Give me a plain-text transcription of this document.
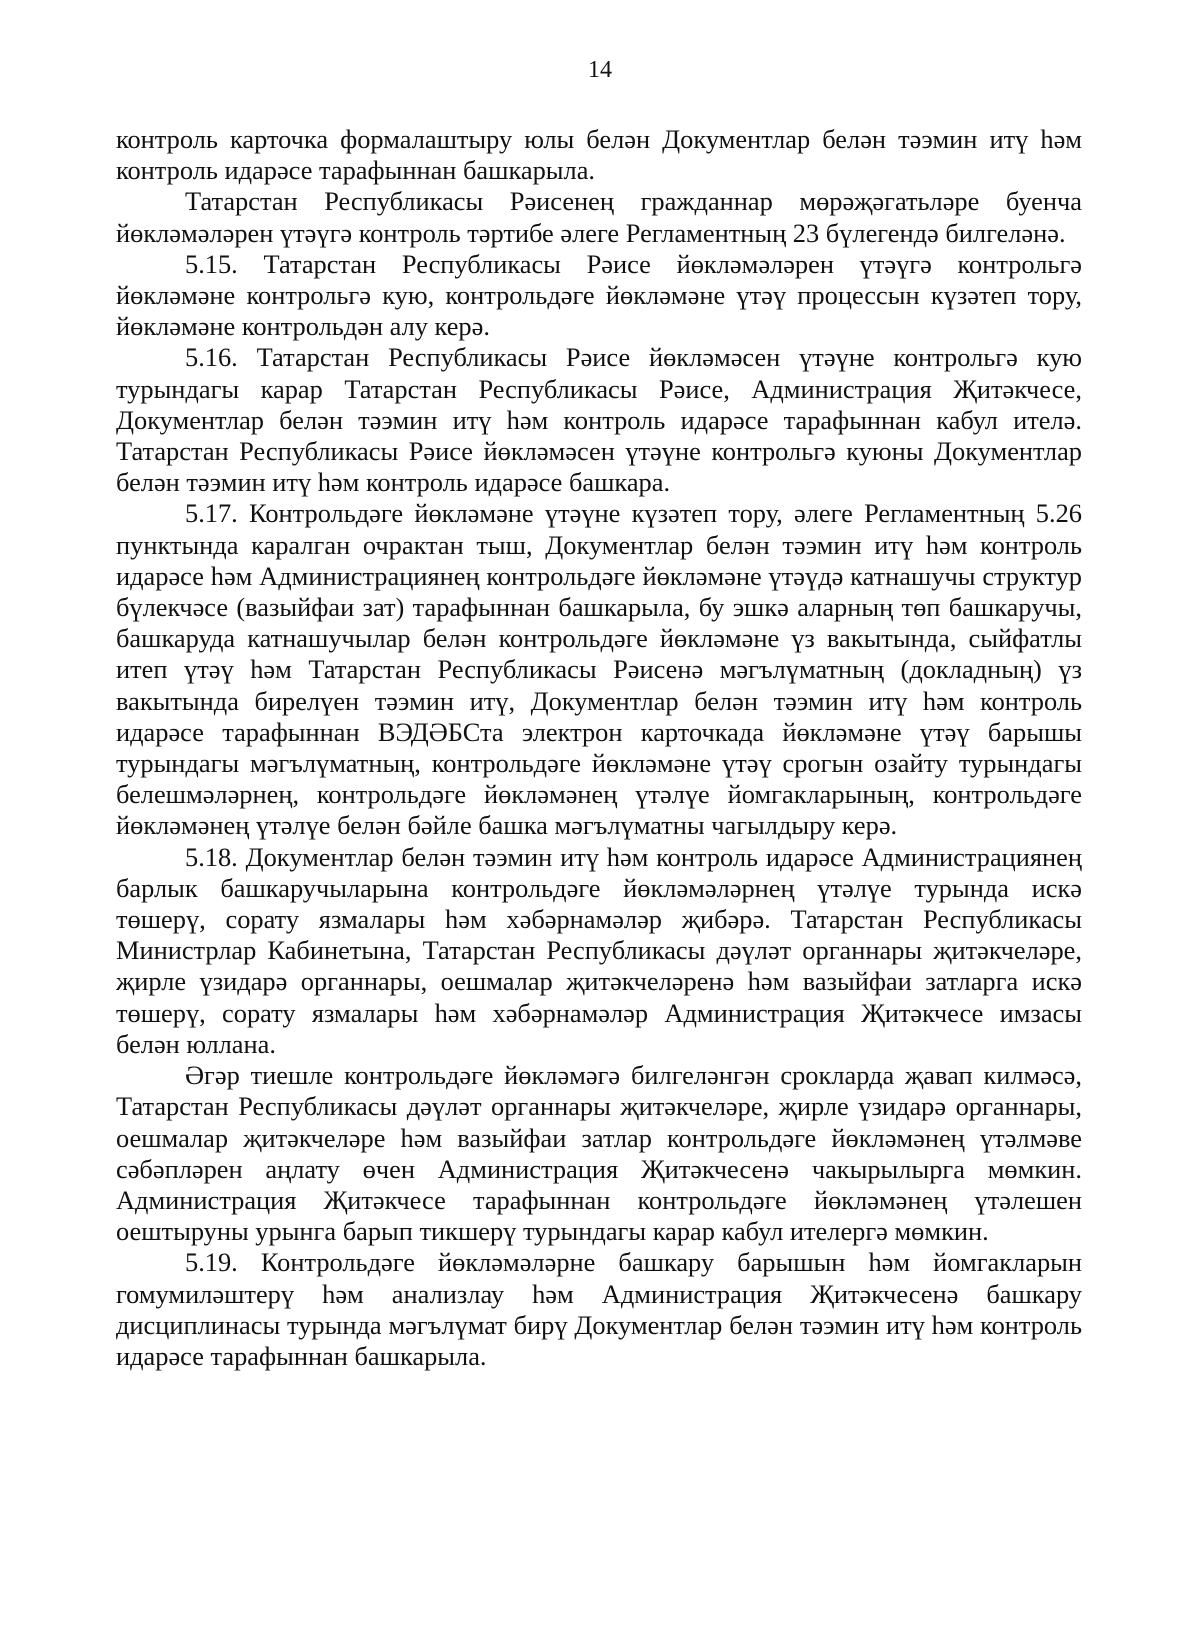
14

контроль карточка формалаштыру юлы белән Документлар белән тәэмин итү һәм контроль идарәсе тарафыннан башкарыла.

Татарстан Республикасы Рәисенең гражданнар мөрәҗәгатьләре буенча йөкләмәләрен үтәүгә контроль тәртибе әлеге Регламентның 23 бүлегендә билгеләнә.

5.15. Татарстан Республикасы Рәисе йөкләмәләрен үтәүгә контрольгә йөкләмәне контрольгә кую, контрольдәге йөкләмәне үтәү процессын күзәтеп тору, йөкләмәне контрольдән алу керә.

5.16. Татарстан Республикасы Рәисе йөкләмәсен үтәүне контрольгә кую турындагы карар Татарстан Республикасы Рәисе, Администрация Җитәкчесе, Документлар белән тәэмин итү һәм контроль идарәсе тарафыннан кабул ителә. Татарстан Республикасы Рәисе йөкләмәсен үтәүне контрольгә куюны Документлар белән тәэмин итү һәм контроль идарәсе башкара.

5.17. Контрольдәге йөкләмәне үтәүне күзәтеп тору, әлеге Регламентның 5.26 пунктында каралган очрактан тыш, Документлар белән тәэмин итү һәм контроль идарәсе һәм Администрациянең контрольдәге йөкләмәне үтәүдә катнашучы структур бүлекчәсе (вазыйфаи зат) тарафыннан башкарыла, бу эшкә аларның төп башкаручы, башкаруда катнашучылар белән контрольдәге йөкләмәне үз вакытында, сыйфатлы итеп үтәү һәм Татарстан Республикасы Рәисенә мәгълүматның (докладның) үз вакытында бирелүен тәэмин итү, Документлар белән тәэмин итү һәм контроль идарәсе тарафыннан ВЭДӘБСта электрон карточкада йөкләмәне үтәү барышы турындагы мәгълүматның, контрольдәге йөкләмәне үтәү срогын озайту турындагы белешмәләрнең, контрольдәге йөкләмәнең үтәлүе йомгакларының, контрольдәге йөкләмәнең үтәлүе белән бәйле башка мәгълүматны чагылдыру керә.

5.18. Документлар белән тәэмин итү һәм контроль идарәсе Администрациянең барлык башкаручыларына контрольдәге йөкләмәләрнең үтәлүе турында искә төшерү, сорату язмалары һәм хәбәрнамәләр җибәрә. Татарстан Республикасы Министрлар Кабинетына, Татарстан Республикасы дәүләт органнары җитәкчеләре, җирле үзидарә органнары, оешмалар җитәкчеләренә һәм вазыйфаи затларга искә төшерү, сорату язмалары һәм хәбәрнамәләр Администрация Җитәкчесе имзасы белән юллана.

Әгәр тиешле контрольдәге йөкләмәгә билгеләнгән срокларда җавап килмәсә, Татарстан Республикасы дәүләт органнары җитәкчеләре, җирле үзидарә органнары, оешмалар җитәкчеләре һәм вазыйфаи затлар контрольдәге йөкләмәнең үтәлмәве сәбәпләрен аңлату өчен Администрация Җитәкчесенә чакырылырга мөмкин. Администрация Җитәкчесе тарафыннан контрольдәге йөкләмәнең үтәлешен оештыруны урынга барып тикшерү турындагы карар кабул ителергә мөмкин.

5.19. Контрольдәге йөкләмәләрне башкару барышын һәм йомгакларын гомумиләштерү һәм анализлау һәм Администрация Җитәкчесенә башкару дисциплинасы турында мәгълүмат бирү Документлар белән тәэмин итү һәм контроль идарәсе тарафыннан башкарыла.
